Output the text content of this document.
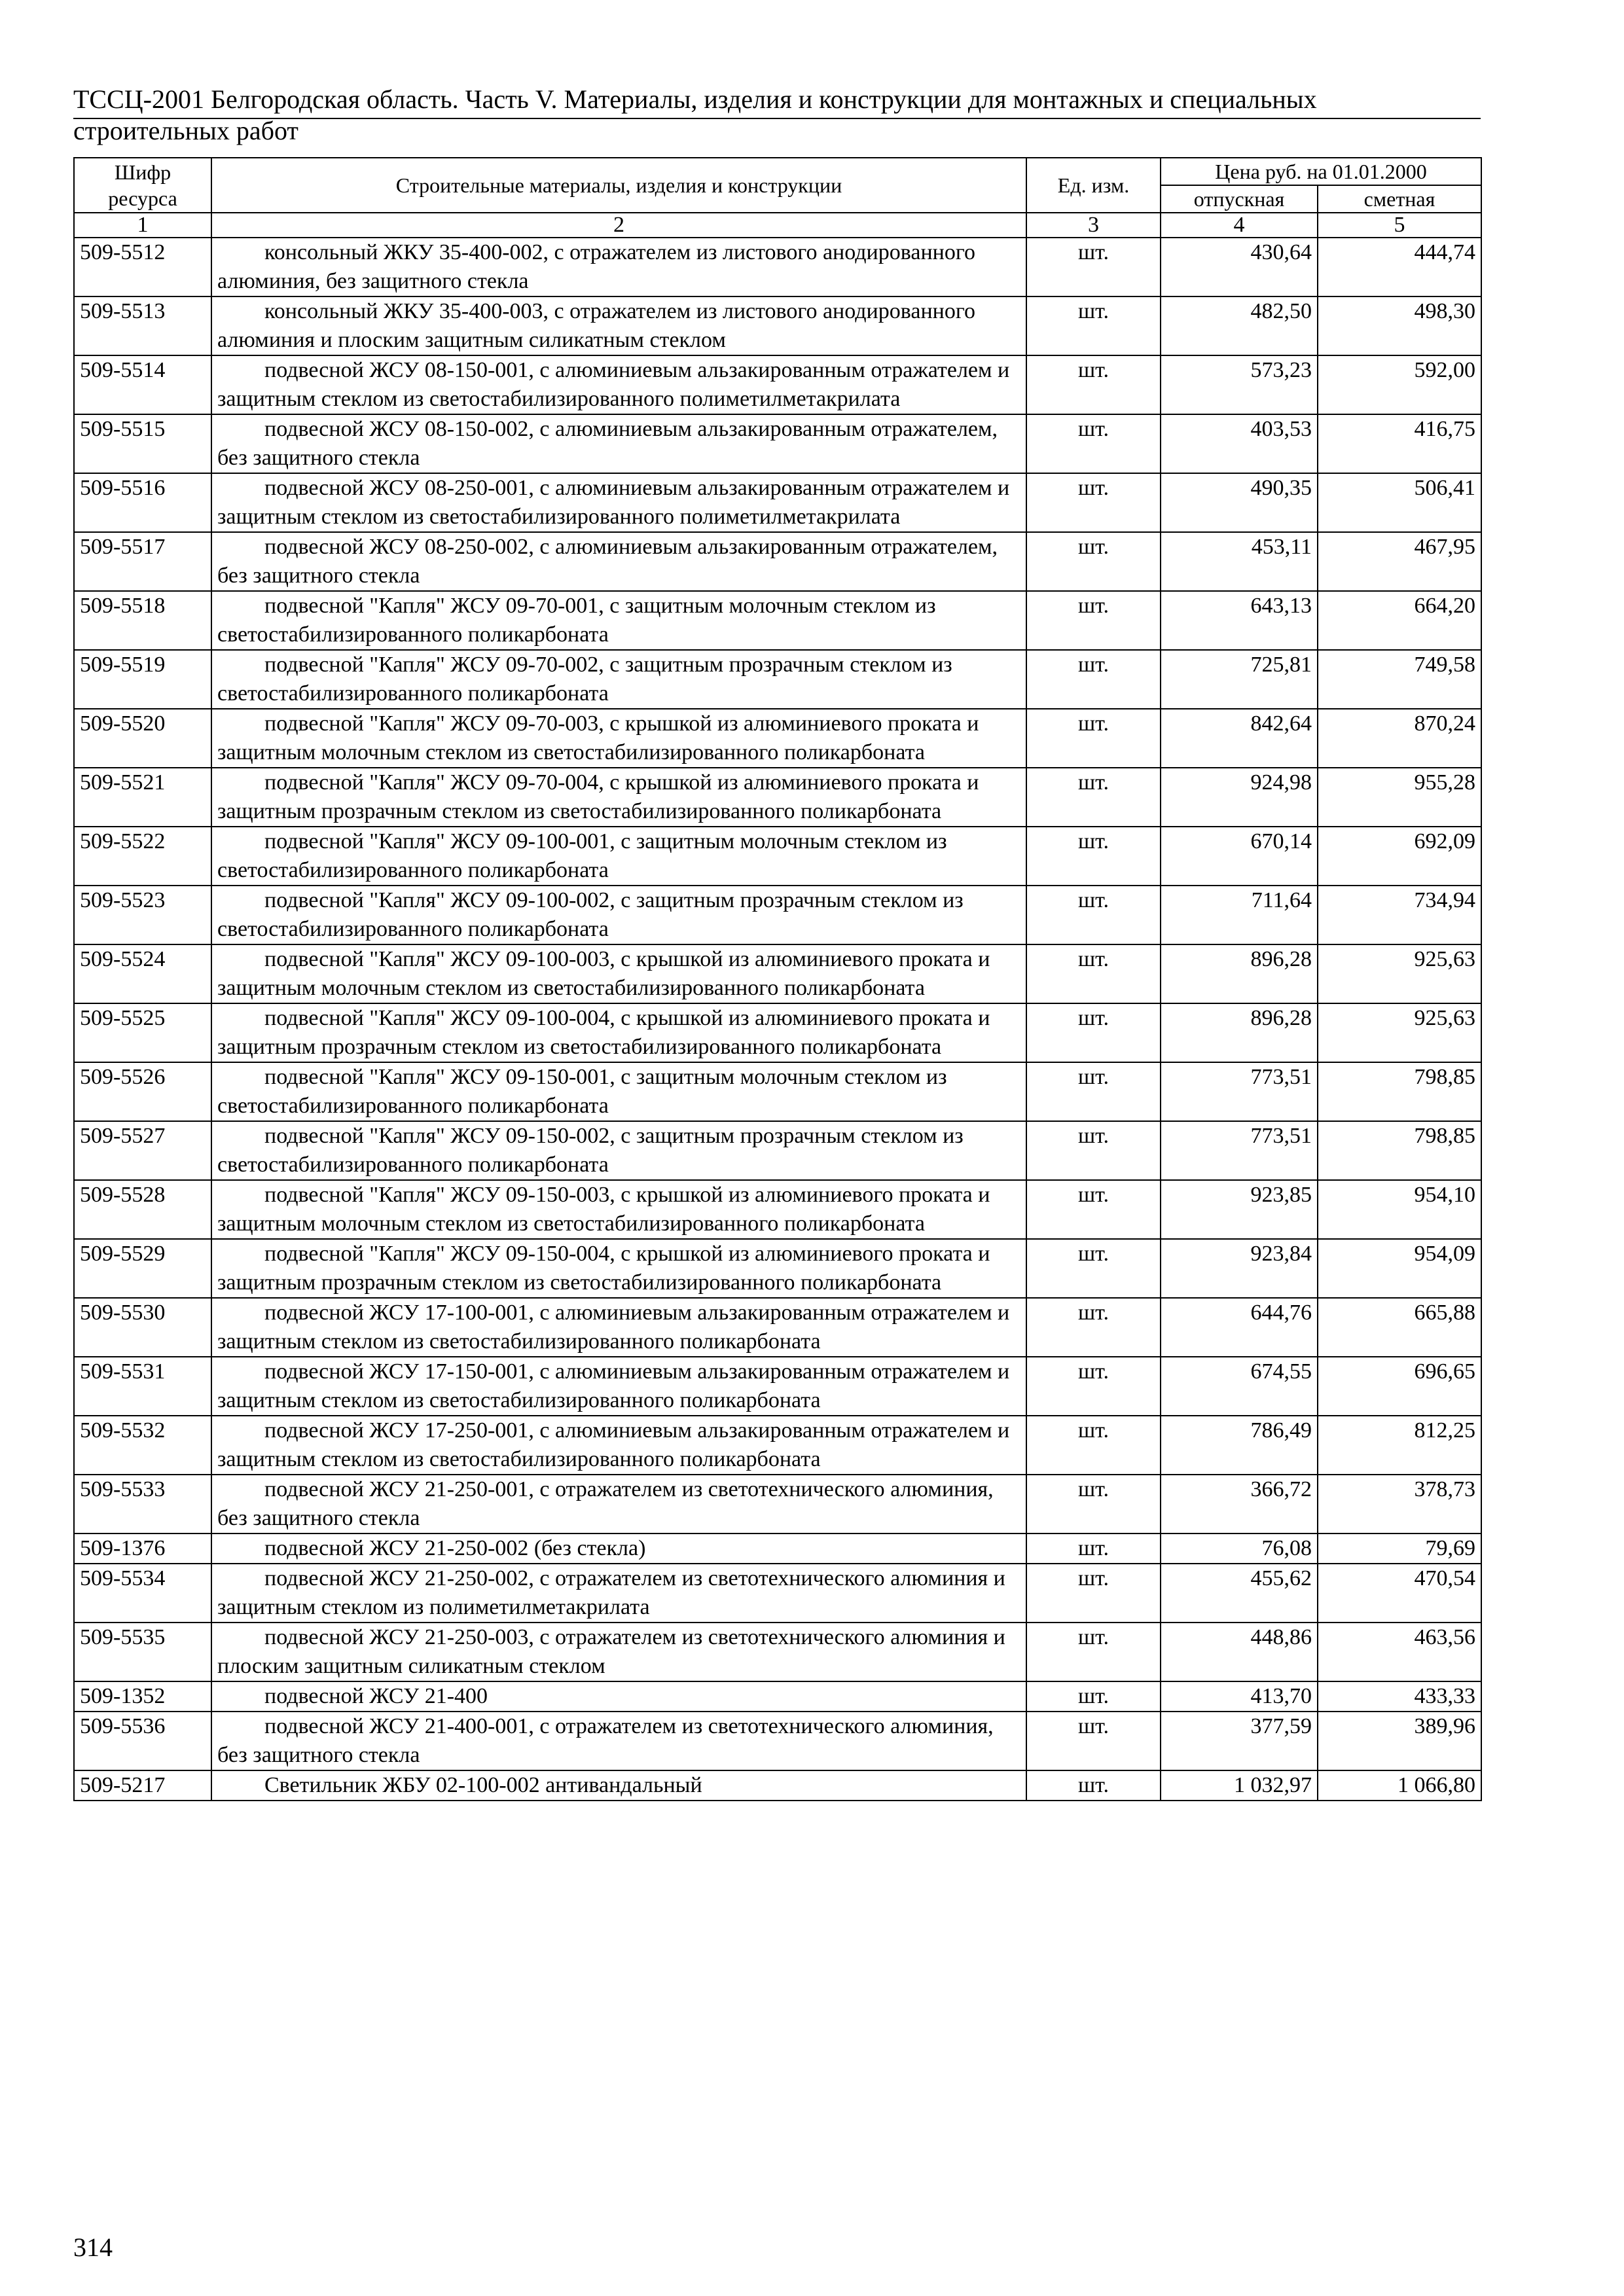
ТССЦ-2001 Белгородская область. Часть V. Материалы, изделия и конструкции для монтажных и специальных
строительных работ
Шифр ресурса	Строительные материалы, изделия и конструкции	Ед. изм.	Цена руб. на 01.01.2000	
			отпускная	сметная
1	2	3	4	5
509-5512	консольный ЖКУ 35-400-002, с отражателем из листового анодированного алюминия, без защитного стекла	шт.	430,64	444,74
509-5513	консольный ЖКУ 35-400-003, с отражателем из листового анодированного алюминия и плоским защитным силикатным стеклом	шт.	482,50	498,30
509-5514	подвесной ЖСУ 08-150-001, с алюминиевым альзакированным отражателем и защитным стеклом из светостабилизированного полиметилметакрилата	шт.	573,23	592,00
509-5515	подвесной ЖСУ 08-150-002, с алюминиевым альзакированным отражателем, без защитного стекла	шт.	403,53	416,75
509-5516	подвесной ЖСУ 08-250-001, с алюминиевым альзакированным отражателем и защитным стеклом из светостабилизированного полиметилметакрилата	шт.	490,35	506,41
509-5517	подвесной ЖСУ 08-250-002, с алюминиевым альзакированным отражателем, без защитного стекла	шт.	453,11	467,95
509-5518	подвесной "Капля" ЖСУ 09-70-001, с защитным молочным стеклом из светостабилизированного поликарбоната	шт.	643,13	664,20
509-5519	подвесной "Капля" ЖСУ 09-70-002, с защитным прозрачным стеклом из светостабилизированного поликарбоната	шт.	725,81	749,58
509-5520	подвесной "Капля" ЖСУ 09-70-003, с крышкой из алюминиевого проката и защитным молочным стеклом из светостабилизированного поликарбоната	шт.	842,64	870,24
509-5521	подвесной "Капля" ЖСУ 09-70-004, с крышкой из алюминиевого проката и защитным прозрачным стеклом из светостабилизированного поликарбоната	шт.	924,98	955,28
509-5522	подвесной "Капля" ЖСУ 09-100-001, с защитным молочным стеклом из светостабилизированного поликарбоната	шт.	670,14	692,09
509-5523	подвесной "Капля" ЖСУ 09-100-002, с защитным прозрачным стеклом из светостабилизированного поликарбоната	шт.	711,64	734,94
509-5524	подвесной "Капля" ЖСУ 09-100-003, с крышкой из алюминиевого проката и защитным молочным стеклом из светостабилизированного поликарбоната	шт.	896,28	925,63
509-5525	подвесной "Капля" ЖСУ 09-100-004, с крышкой из алюминиевого проката и защитным прозрачным стеклом из светостабилизированного поликарбоната	шт.	896,28	925,63
509-5526	подвесной "Капля" ЖСУ 09-150-001, с защитным молочным стеклом из светостабилизированного поликарбоната	шт.	773,51	798,85
509-5527	подвесной "Капля" ЖСУ 09-150-002, с защитным прозрачным стеклом из светостабилизированного поликарбоната	шт.	773,51	798,85
509-5528	подвесной "Капля" ЖСУ 09-150-003, с крышкой из алюминиевого проката и защитным молочным стеклом из светостабилизированного поликарбоната	шт.	923,85	954,10
509-5529	подвесной "Капля" ЖСУ 09-150-004, с крышкой из алюминиевого проката и защитным прозрачным стеклом из светостабилизированного поликарбоната	шт.	923,84	954,09
509-5530	подвесной ЖСУ 17-100-001, с алюминиевым альзакированным отражателем и защитным стеклом из светостабилизированного поликарбоната	шт.	644,76	665,88
509-5531	подвесной ЖСУ 17-150-001, с алюминиевым альзакированным отражателем и защитным стеклом из светостабилизированного поликарбоната	шт.	674,55	696,65
509-5532	подвесной ЖСУ 17-250-001, с алюминиевым альзакированным отражателем и защитным стеклом из светостабилизированного поликарбоната	шт.	786,49	812,25
509-5533	подвесной ЖСУ 21-250-001, с отражателем из светотехнического алюминия, без защитного стекла	шт.	366,72	378,73
509-1376	подвесной ЖСУ 21-250-002 (без стекла)	шт.	76,08	79,69
509-5534	подвесной ЖСУ 21-250-002, с отражателем из светотехнического алюминия и защитным стеклом из полиметилметакрилата	шт.	455,62	470,54
509-5535	подвесной ЖСУ 21-250-003, с отражателем из светотехнического алюминия и плоским защитным силикатным стеклом	шт.	448,86	463,56
509-1352	подвесной ЖСУ 21-400	шт.	413,70	433,33
509-5536	подвесной ЖСУ 21-400-001, с отражателем из светотехнического алюминия, без защитного стекла	шт.	377,59	389,96
509-5217	Светильник ЖБУ 02-100-002 антивандальный	шт.	1 032,97	1 066,80
314
